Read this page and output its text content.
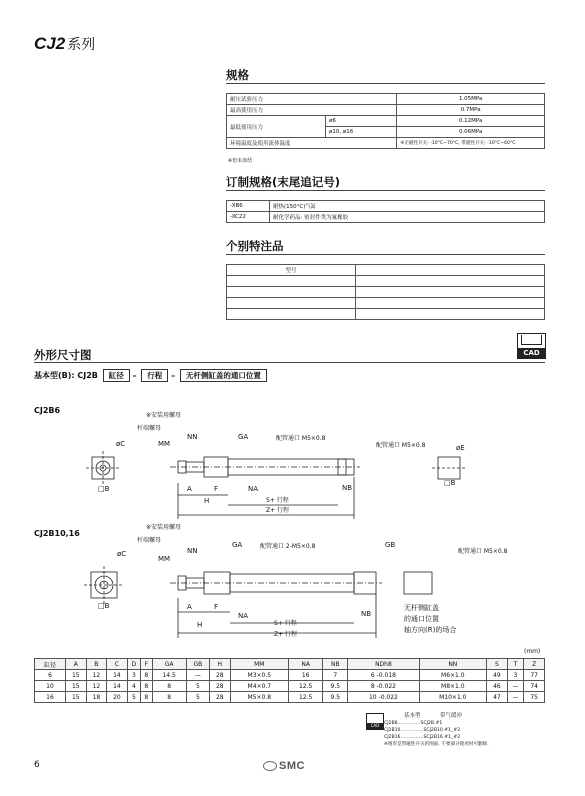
CJ2 系列
规格
耐压试验压力		1.05MPa
最高使用压力		0.7MPa
最低使用压力	ø6	0.12MPa
	ø10, ø16	0.06MPa
环境温度及使用流体温度		※无磁性开关: -10°C~70°C, 带磁性开关: -10°C~60°C
※但未冻结
订制规格(末尾追记号)
-XB6	耐热(150°C)气缸
-XC22	耐化学药品: 密封件类为氟橡胶
个别特注品
型号	

CAD
外形尺寸图
基本型(B): CJ2B 缸径 – 行程 – 无杆侧缸盖的通口位置
CJ2B6
※安装用螺母
杆端螺母
MM
NN	GA	配管通口 M5×0.8
配管通口 M5×0.8
øC
□B
øE
□B
A	F	NA	NB
H	S+ 行程
Z+ 行程
CJ2B10,16
※安装用螺母
杆端螺母
MM
NN
GA	配管通口 2-M5×0.8	GB
配管通口 M5×0.8
øC
□B	A	F
NA	NB
H	S+ 行程
Z+ 行程
无杆侧缸盖
的通口位置
轴方向(R)的场合
(mm)
缸径	A	B	C	D	F	GA	GB	H	MM	NA	NB	NDh8	NN	S	T	Z
6	15	12	14	3	8	14.5	—	28	M3×0.5	16	7	6 -0.018	M6×1.0	49	3	77
10	15	12	14	4	8	8	5	28	M4×0.7	12.5	9.5	8 -0.022	M8×1.0	46	—	74
16	15	18	20	5	8	8	5	28	M5×0.8	12.5	9.5	10 -0.022	M10×1.0	47	—	75
CAD
基本型	带气缓冲
CJ2B6……………SCJ2B.#1
CJ2B10……………SCJ2B10.#1_#2
CJ2B16……………SCJ2B16.#1_#2
※图形是带磁性开关的图面. 不要部分使用时可删除.
6	SMC
